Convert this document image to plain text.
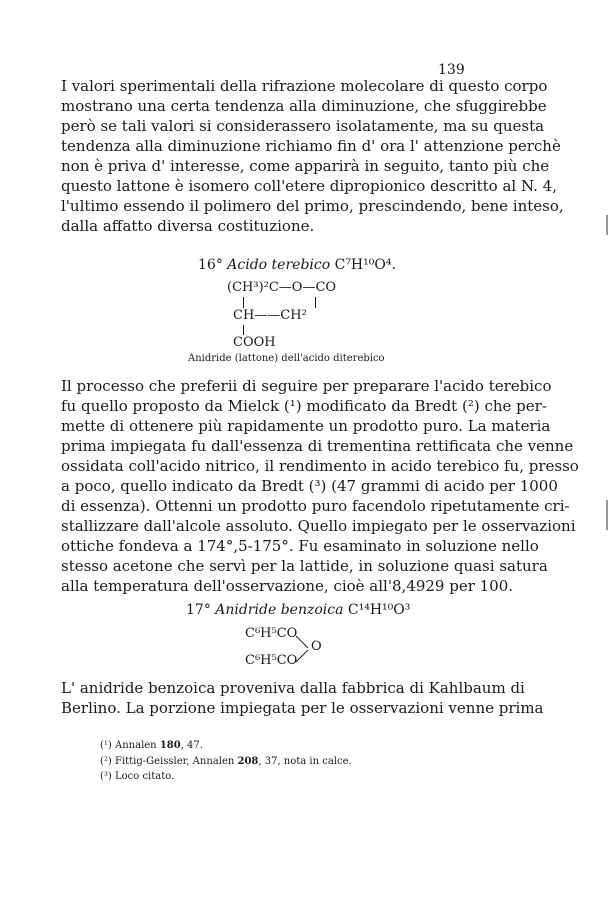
139
I valori sperimentali della rifrazione molecolare di questo corpo
mostrano una certa tendenza alla diminuzione, che sfuggirebbe
però se tali valori si considerassero isolatamente, ma su questa
tendenza alla diminuzione richiamo fin d' ora l' attenzione perchè
non è priva d' interesse, come apparirà in seguito, tanto più che
questo lattone è isomero coll'etere dipropionico descritto al N. 4,
l'ultimo essendo il polimero del primo, prescindendo, bene inteso,
dalla affatto diversa costituzione.
16° Acido terebico C⁷H¹⁰O⁴.
(CH³)²C—O—CO
CH——CH²
COOH
Anidride (lattone) dell'acido diterebico
Il processo che preferii di seguire per preparare l'acido terebico
fu quello proposto da Mielck (¹) modificato da Bredt (²) che per-
mette di ottenere più rapidamente un prodotto puro. La materia
prima impiegata fu dall'essenza di trementina rettificata che venne
ossidata coll'acido nitrico, il rendimento in acido terebico fu, presso
a poco, quello indicato da Bredt (³) (47 grammi di acido per 1000
di essenza). Ottenni un prodotto puro facendolo ripetutamente cri-
stallizzare dall'alcole assoluto. Quello impiegato per le osservazioni
ottiche fondeva a 174°,5-175°. Fu esaminato in soluzione nello
stesso acetone che servì per la lattide, in soluzione quasi satura
alla temperatura dell'osservazione, cioè all'8,4929 per 100.
17° Anidride benzoica C¹⁴H¹⁰O³
C⁶H⁵CO
O
C⁶H⁵CO
L' anidride benzoica proveniva dalla fabbrica di Kahlbaum di
Berlino. La porzione impiegata per le osservazioni venne prima
(¹) Annalen 180, 47.
(²) Fittig-Geissler, Annalen 208, 37, nota in calce.
(³) Loco citato.
